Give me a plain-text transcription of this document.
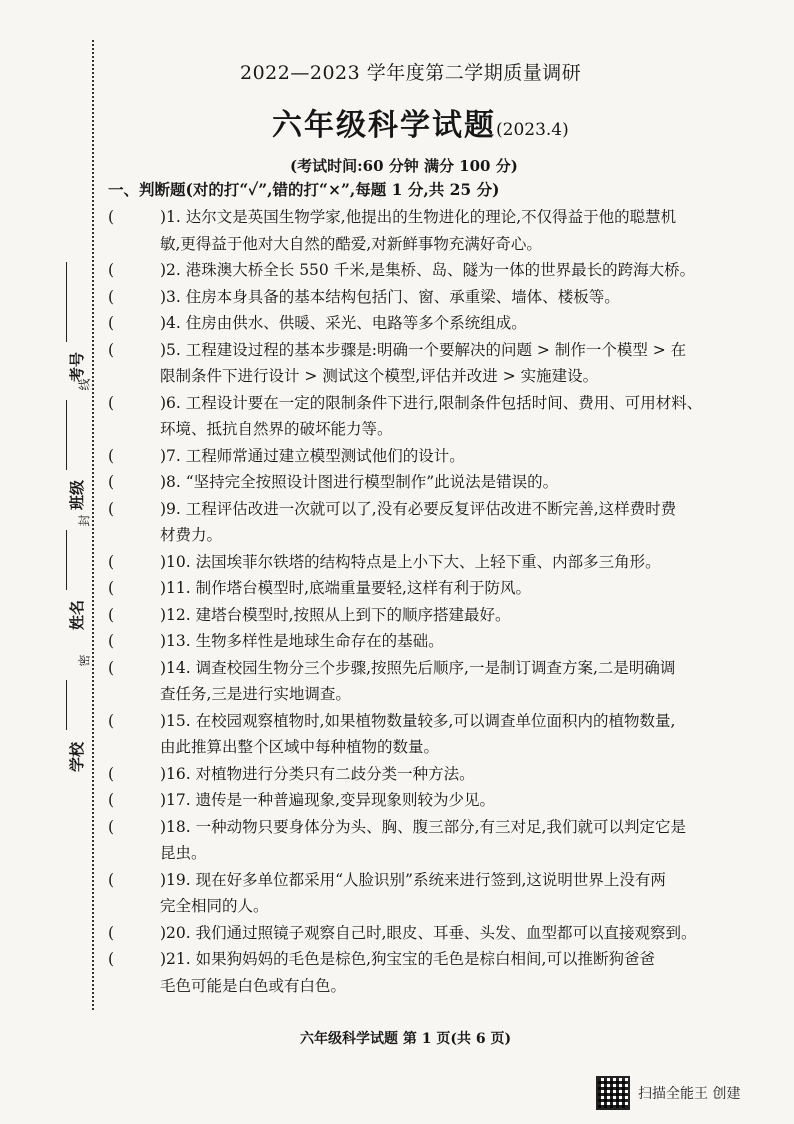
考号
线
班级
封
姓名
密
学校
2022—2023 学年度第二学期质量调研
六年级科学试题(2023.4)
(考试时间:60 分钟 满分 100 分)
一、判断题(对的打“✓”,错的打“×”,每题 1 分,共 25 分)
(	)1. 达尔文是英国生物学家,他提出的生物进化的理论,不仅得益于他的聪慧机
敏,更得益于他对大自然的酷爱,对新鲜事物充满好奇心。
(	)2. 港珠澳大桥全长 550 千米,是集桥、岛、隧为一体的世界最长的跨海大桥。
(	)3. 住房本身具备的基本结构包括门、窗、承重梁、墙体、楼板等。
(	)4. 住房由供水、供暖、采光、电路等多个系统组成。
(	)5. 工程建设过程的基本步骤是:明确一个要解决的问题 > 制作一个模型 > 在
限制条件下进行设计 > 测试这个模型,评估并改进 > 实施建设。
(	)6. 工程设计要在一定的限制条件下进行,限制条件包括时间、费用、可用材料、
环境、抵抗自然界的破坏能力等。
(	)7. 工程师常通过建立模型测试他们的设计。
(	)8. “坚持完全按照设计图进行模型制作”此说法是错误的。
(	)9. 工程评估改进一次就可以了,没有必要反复评估改进不断完善,这样费时费
材费力。
(	)10. 法国埃菲尔铁塔的结构特点是上小下大、上轻下重、内部多三角形。
(	)11. 制作塔台模型时,底端重量要轻,这样有利于防风。
(	)12. 建塔台模型时,按照从上到下的顺序搭建最好。
(	)13. 生物多样性是地球生命存在的基础。
(	)14. 调查校园生物分三个步骤,按照先后顺序,一是制订调查方案,二是明确调
查任务,三是进行实地调查。
(	)15. 在校园观察植物时,如果植物数量较多,可以调查单位面积内的植物数量,
由此推算出整个区域中每种植物的数量。
(	)16. 对植物进行分类只有二歧分类一种方法。
(	)17. 遗传是一种普遍现象,变异现象则较为少见。
(	)18. 一种动物只要身体分为头、胸、腹三部分,有三对足,我们就可以判定它是
昆虫。
(	)19. 现在好多单位都采用“人脸识别”系统来进行签到,这说明世界上没有两
完全相同的人。
(	)20. 我们通过照镜子观察自己时,眼皮、耳垂、头发、血型都可以直接观察到。
(	)21. 如果狗妈妈的毛色是棕色,狗宝宝的毛色是棕白相间,可以推断狗爸爸
毛色可能是白色或有白色。
六年级科学试题 第 1 页(共 6 页)
扫描全能王 创建
